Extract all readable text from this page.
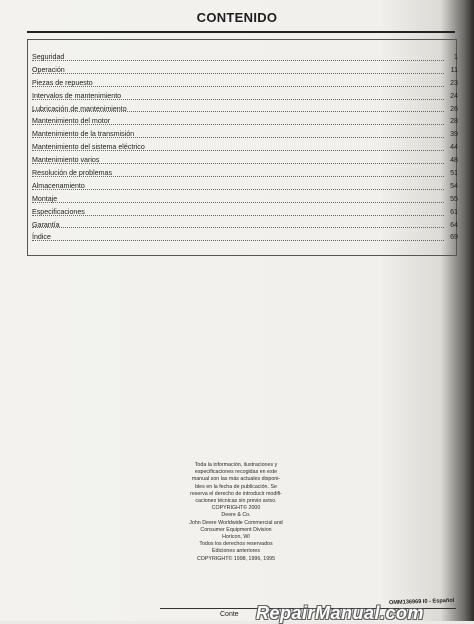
CONTENIDO
Seguridad	1
Operación	11
Piezas de repuesto	23
Intervalos de mantenimiento	24
Lubricación de mantenimiento	26
Mantenimiento del motor	28
Mantenimiento de la transmisión	39
Mantenimiento del sistema eléctrico	44
Mantenimiento varios	48
Resolución de problemas	51
Almacenamiento	54
Montaje	55
Especificaciones	61
Garantía	64
Índice	69
Toda la información, ilustraciones y
especificaciones recogidas en este
manual son las más actuales disponi-
bles en la fecha de publicación. Se
reserva el derecho de introducir modifi-
caciones técnicas sin previo aviso.
COPYRIGHT© 2000
Deere & Co.
John Deere Worldwide Commercial and
Consumer Equipment Division
Horicon, WI
Todos los derechos reservados
Ediciones anteriores
COPYRIGHT© 1998, 1996, 1995
OMM136969 I0 - Español
Conte RepairManual.com
